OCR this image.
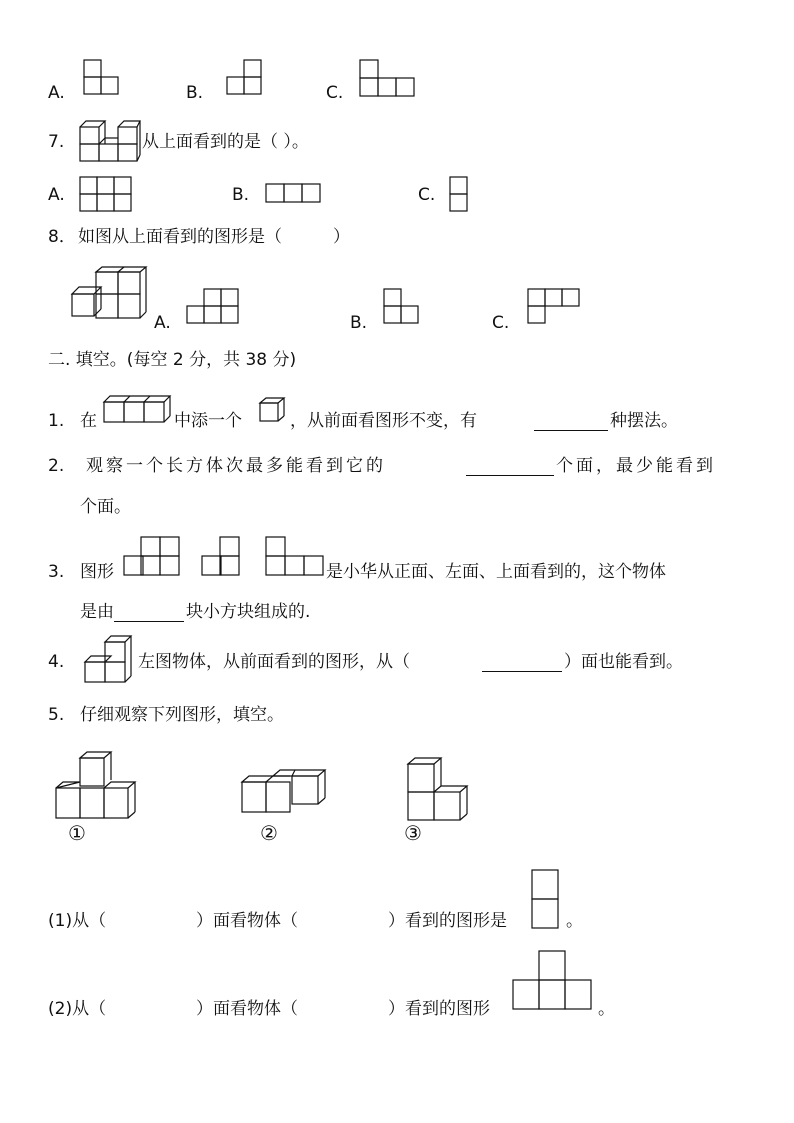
A.	B.	C.
7.	从上面看到的是（ ）。
A.	B.	C.
8． 如图从上面看到的图形是（　　　）
A.	B.	C.
二. 填空。(每空 2 分，共 38 分)
1. 在	中添一个	，从前面看图形不变，有	种摆法。
2. 观察一个长方体次最多能看到它的	个面，最少能看到
个面。
3. 图形	是小华从正面、左面、上面看到的，这个物体
是由	块小方块组成的.
4.	左图物体，从前面看到的图形，从（	）面也能看到。
5. 仔细观察下列图形，填空。
①	②	③
(1)从（	）面看物体（	）看到的图形是	。
(2)从（	）面看物体（	）看到的图形	。
